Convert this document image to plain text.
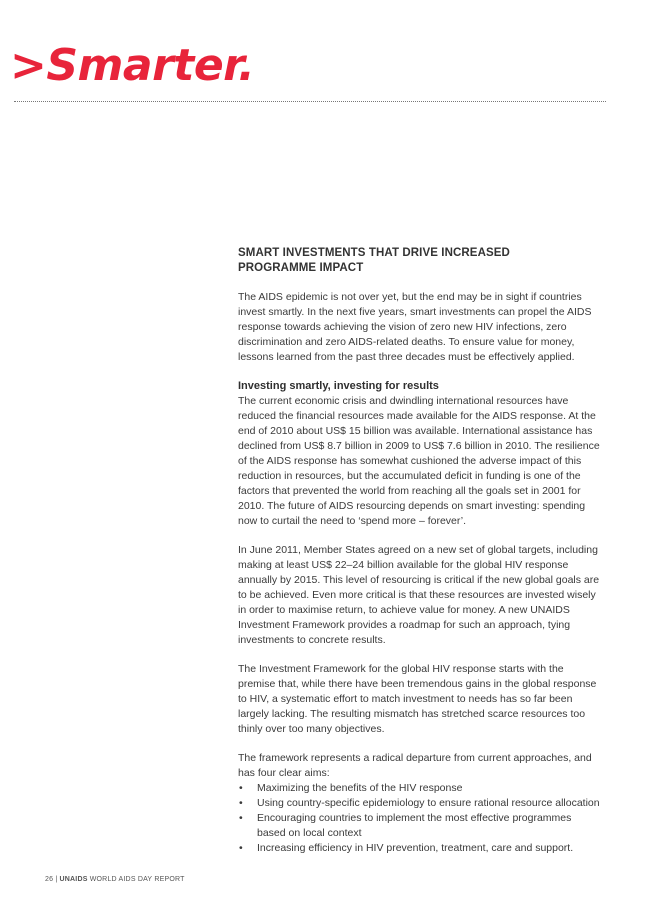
>Smarter.
SMART INVESTMENTS THAT DRIVE INCREASED
PROGRAMME IMPACT

The AIDS epidemic is not over yet, but the end may be in sight if countries invest smartly. In the next five years, smart investments can propel the AIDS response towards achieving the vision of zero new HIV infections, zero discrimination and zero AIDS-related deaths. To ensure value for money, lessons learned from the past three decades must be effectively applied.

Investing smartly, investing for results

The current economic crisis and dwindling international resources have reduced the financial resources made available for the AIDS response. At the end of 2010 about US$ 15 billion was available. International assistance has declined from US$ 8.7 billion in 2009 to US$ 7.6 billion in 2010. The resilience of the AIDS response has somewhat cushioned the adverse impact of this reduction in resources, but the accumulated deficit in funding is one of the factors that prevented the world from reaching all the goals set in 2001 for 2010. The future of AIDS resourcing depends on smart investing: spending now to curtail the need to ‘spend more – forever’.

In June 2011, Member States agreed on a new set of global targets, including making at least US$ 22–24 billion available for the global HIV response annually by 2015. This level of resourcing is critical if the new global goals are to be achieved. Even more critical is that these resources are invested wisely in order to maximise return, to achieve value for money. A new UNAIDS Investment Framework provides a roadmap for such an approach, tying investments to concrete results.

The Investment Framework for the global HIV response starts with the premise that, while there have been tremendous gains in the global response to HIV, a systematic effort to match investment to needs has so far been largely lacking. The resulting mismatch has stretched scarce resources too thinly over too many objectives.

The framework represents a radical departure from current approaches, and has four clear aims:

• Maximizing the benefits of the HIV response
• Using country-specific epidemiology to ensure rational resource allocation
• Encouraging countries to implement the most effective programmes based on local context
• Increasing efficiency in HIV prevention, treatment, care and support.
26 | UNAIDS WORLD AIDS DAY REPORT
